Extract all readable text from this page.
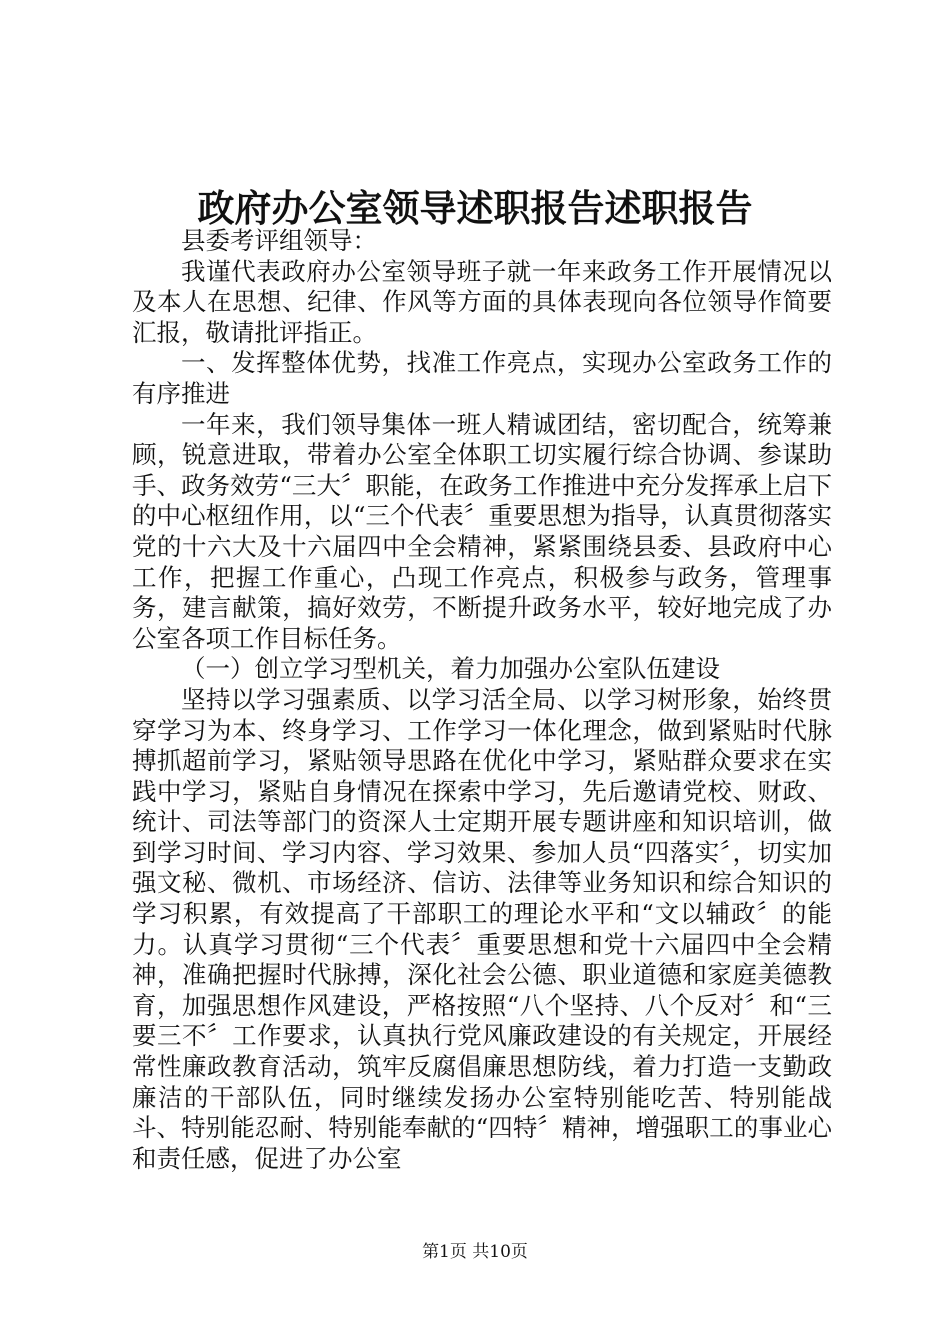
政府办公室领导述职报告述职报告

县委考评组领导：

我谨代表政府办公室领导班子就一年来政务工作开展情况以及本人在思想、纪律、作风等方面的具体表现向各位领导作简要汇报，敬请批评指正。

一、发挥整体优势，找准工作亮点，实现办公室政务工作的有序推进

一年来，我们领导集体一班人精诚团结，密切配合，统筹兼顾，锐意进取，带着办公室全体职工切实履行综合协调、参谋助手、政务效劳“三大〞职能，在政务工作推进中充分发挥承上启下的中心枢纽作用，以“三个代表〞重要思想为指导，认真贯彻落实党的十六大及十六届四中全会精神，紧紧围绕县委、县政府中心工作，把握工作重心，凸现工作亮点，积极参与政务，管理事务，建言献策，搞好效劳，不断提升政务水平，较好地完成了办公室各项工作目标任务。

（一）创立学习型机关，着力加强办公室队伍建设

坚持以学习强素质、以学习活全局、以学习树形象，始终贯穿学习为本、终身学习、工作学习一体化理念，做到紧贴时代脉搏抓超前学习，紧贴领导思路在优化中学习，紧贴群众要求在实践中学习，紧贴自身情况在探索中学习，先后邀请党校、财政、统计、司法等部门的资深人士定期开展专题讲座和知识培训，做到学习时间、学习内容、学习效果、参加人员“四落实〞，切实加强文秘、微机、市场经济、信访、法律等业务知识和综合知识的学习积累，有效提高了干部职工的理论水平和“文以辅政〞的能力。认真学习贯彻“三个代表〞重要思想和党十六届四中全会精神，准确把握时代脉搏，深化社会公德、职业道德和家庭美德教育，加强思想作风建设，严格按照“八个坚持、八个反对〞和“三要三不〞工作要求，认真执行党风廉政建设的有关规定，开展经常性廉政教育活动，筑牢反腐倡廉思想防线，着力打造一支勤政廉洁的干部队伍，同时继续发扬办公室特别能吃苦、特别能战斗、特别能忍耐、特别能奉献的“四特〞精神，增强职工的事业心和责任感，促进了办公室

第1页 共10页
